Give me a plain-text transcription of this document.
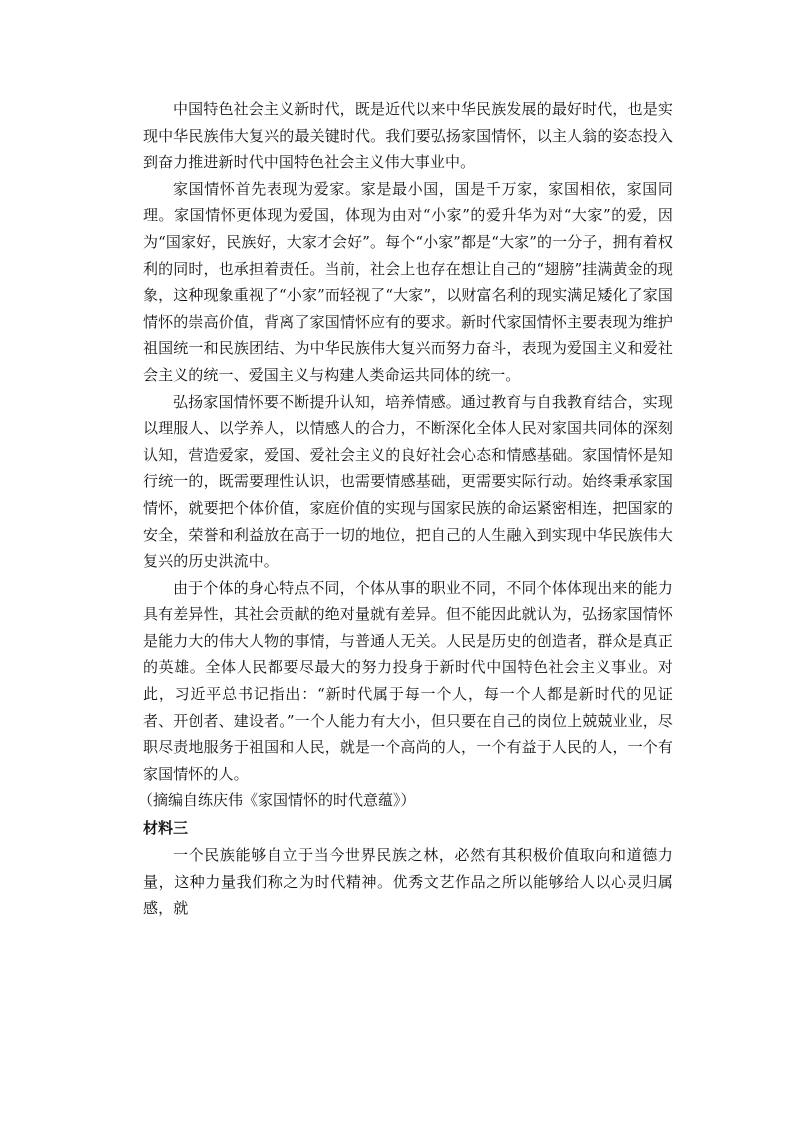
中国特色社会主义新时代，既是近代以来中华民族发展的最好时代，也是实现中华民族伟大复兴的最关键时代。我们要弘扬家国情怀，以主人翁的姿态投入到奋力推进新时代中国特色社会主义伟大事业中。

家国情怀首先表现为爱家。家是最小国，国是千万家，家国相依，家国同理。家国情怀更体现为爱国，体现为由对“小家”的爱升华为对“大家”的爱，因为“国家好，民族好，大家才会好”。每个“小家”都是“大家”的一分子，拥有着权利的同时，也承担着责任。当前，社会上也存在想让自己的“翅膀”挂满黄金的现象，这种现象重视了“小家”而轻视了“大家”，以财富名利的现实满足矮化了家国情怀的崇高价值，背离了家国情怀应有的要求。新时代家国情怀主要表现为维护祖国统一和民族团结、为中华民族伟大复兴而努力奋斗，表现为爱国主义和爱社会主义的统一、爱国主义与构建人类命运共同体的统一。

弘扬家国情怀要不断提升认知，培养情感。通过教育与自我教育结合，实现以理服人、以学养人，以情感人的合力，不断深化全体人民对家国共同体的深刻认知，营造爱家，爱国、爱社会主义的良好社会心态和情感基础。家国情怀是知行统一的，既需要理性认识，也需要情感基础，更需要实际行动。始终秉承家国情怀，就要把个体价值，家庭价值的实现与国家民族的命运紧密相连，把国家的安全，荣誉和利益放在高于一切的地位，把自己的人生融入到实现中华民族伟大复兴的历史洪流中。

由于个体的身心特点不同，个体从事的职业不同，不同个体体现出来的能力具有差异性，其社会贡献的绝对量就有差异。但不能因此就认为，弘扬家国情怀是能力大的伟大人物的事情，与普通人无关。人民是历史的创造者，群众是真正的英雄。全体人民都要尽最大的努力投身于新时代中国特色社会主义事业。对此，习近平总书记指出：“新时代属于每一个人，每一个人都是新时代的见证者、开创者、建设者。”一个人能力有大小，但只要在自己的岗位上兢兢业业，尽职尽责地服务于祖国和人民，就是一个高尚的人，一个有益于人民的人，一个有家国情怀的人。

（摘编自练庆伟《家国情怀的时代意蕴》）

材料三

一个民族能够自立于当今世界民族之林，必然有其积极价值取向和道德力量，这种力量我们称之为时代精神。优秀文艺作品之所以能够给人以心灵归属感，就
